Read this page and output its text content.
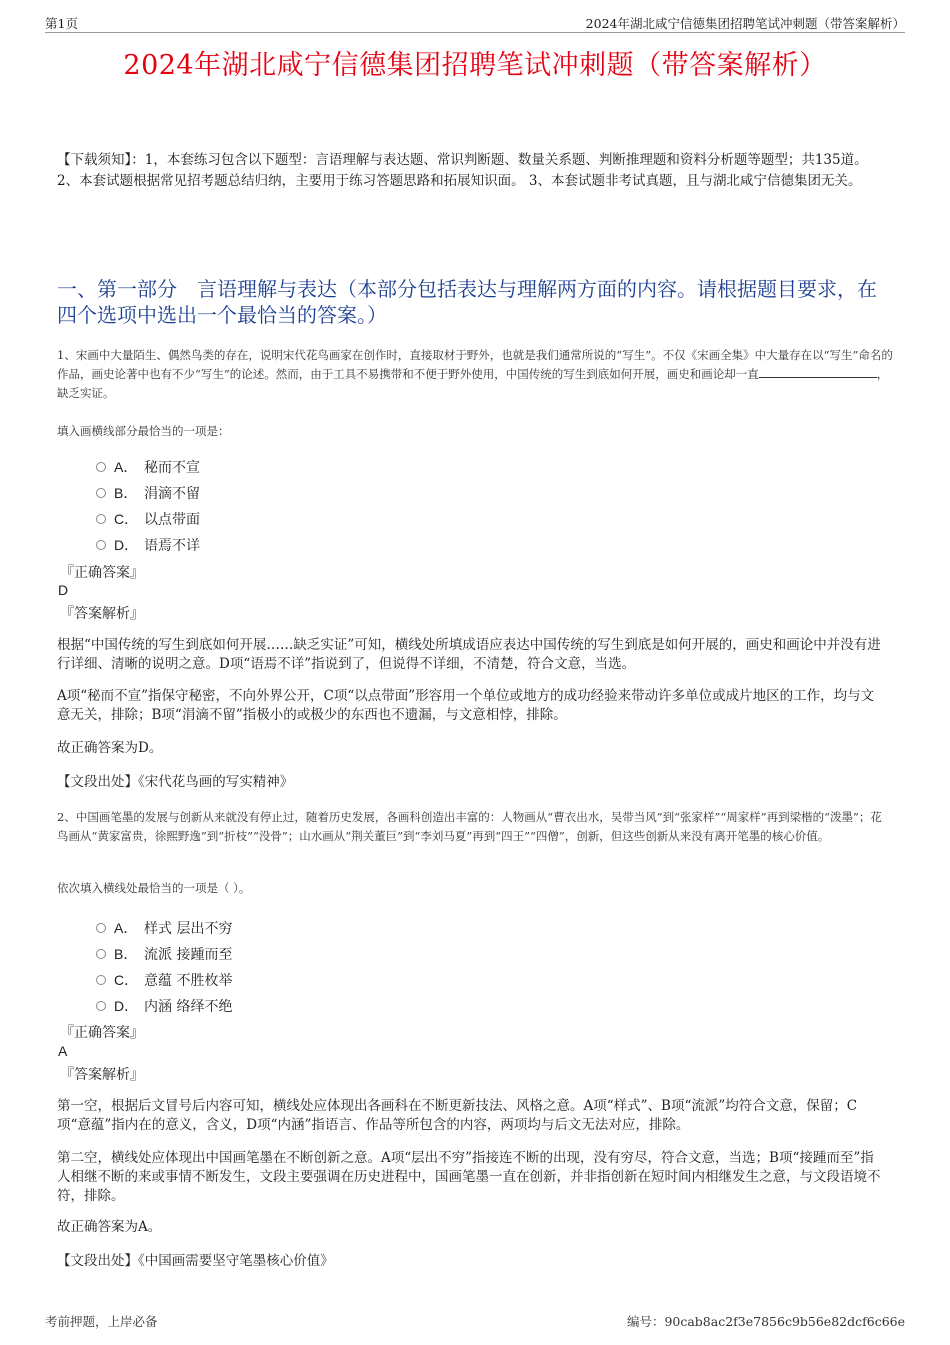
第1页	2024年湖北咸宁信德集团招聘笔试冲刺题（带答案解析）
2024年湖北咸宁信德集团招聘笔试冲刺题（带答案解析）
【下载须知】：1，本套练习包含以下题型：言语理解与表达题、常识判断题、数量关系题、判断推理题和资料分析题等题型；共135道。 2、本套试题根据常见招考题总结归纳，主要用于练习答题思路和拓展知识面。 3、本套试题非考试真题，且与湖北咸宁信德集团无关。
一、第一部分　言语理解与表达（本部分包括表达与理解两方面的内容。请根据题目要求，在四个选项中选出一个最恰当的答案。）
1、宋画中大量陌生、偶然鸟类的存在，说明宋代花鸟画家在创作时，直接取材于野外，也就是我们通常所说的“写生”。不仅《宋画全集》中大量存在以“写生”命名的作品，画史论著中也有不少“写生”的论述。然而，由于工具不易携带和不便于野外使用，中国传统的写生到底如何开展，画史和画论却一直	，缺乏实证。
填入画横线部分最恰当的一项是：
A． 秘而不宣
B． 涓滴不留
C． 以点带面
D． 语焉不详
『正确答案』
D
『答案解析』
根据“中国传统的写生到底如何开展……缺乏实证”可知，横线处所填成语应表达中国传统的写生到底是如何开展的，画史和画论中并没有进行详细、清晰的说明之意。D项“语焉不详”指说到了，但说得不详细，不清楚，符合文意，当选。
A项“秘而不宣”指保守秘密，不向外界公开，C项“以点带面”形容用一个单位或地方的成功经验来带动许多单位或成片地区的工作，均与文意无关，排除；B项“涓滴不留”指极小的或极少的东西也不遗漏，与文意相悖，排除。
故正确答案为D。
【文段出处】《宋代花鸟画的写实精神》
2、中国画笔墨的发展与创新从来就没有停止过，随着历史发展，各画科创造出丰富的：人物画从“曹衣出水，吴带当风”到“张家样”“周家样”再到梁楷的“泼墨”；花鸟画从“黄家富贵，徐熙野逸”到“折枝”“没骨”；山水画从“荆关董巨”到“李刘马夏”再到“四王”“四僧”，创新，但这些创新从来没有离开笔墨的核心价值。
依次填入横线处最恰当的一项是（ ）。
A． 样式 层出不穷
B． 流派 接踵而至
C． 意蕴 不胜枚举
D． 内涵 络绎不绝
『正确答案』
A
『答案解析』
第一空，根据后文冒号后内容可知，横线处应体现出各画科在不断更新技法、风格之意。A项“样式”、B项“流派”均符合文意，保留；C项“意蕴”指内在的意义，含义，D项“内涵”指语言、作品等所包含的内容，两项均与后文无法对应，排除。
第二空，横线处应体现出中国画笔墨在不断创新之意。A项“层出不穷”指接连不断的出现，没有穷尽，符合文意，当选；B项“接踵而至”指人相继不断的来或事情不断发生，文段主要强调在历史进程中，国画笔墨一直在创新，并非指创新在短时间内相继发生之意，与文段语境不符，排除。
故正确答案为A。
【文段出处】《中国画需要坚守笔墨核心价值》
考前押题，上岸必备	编号：90cab8ac2f3e7856c9b56e82dcf6c66e
